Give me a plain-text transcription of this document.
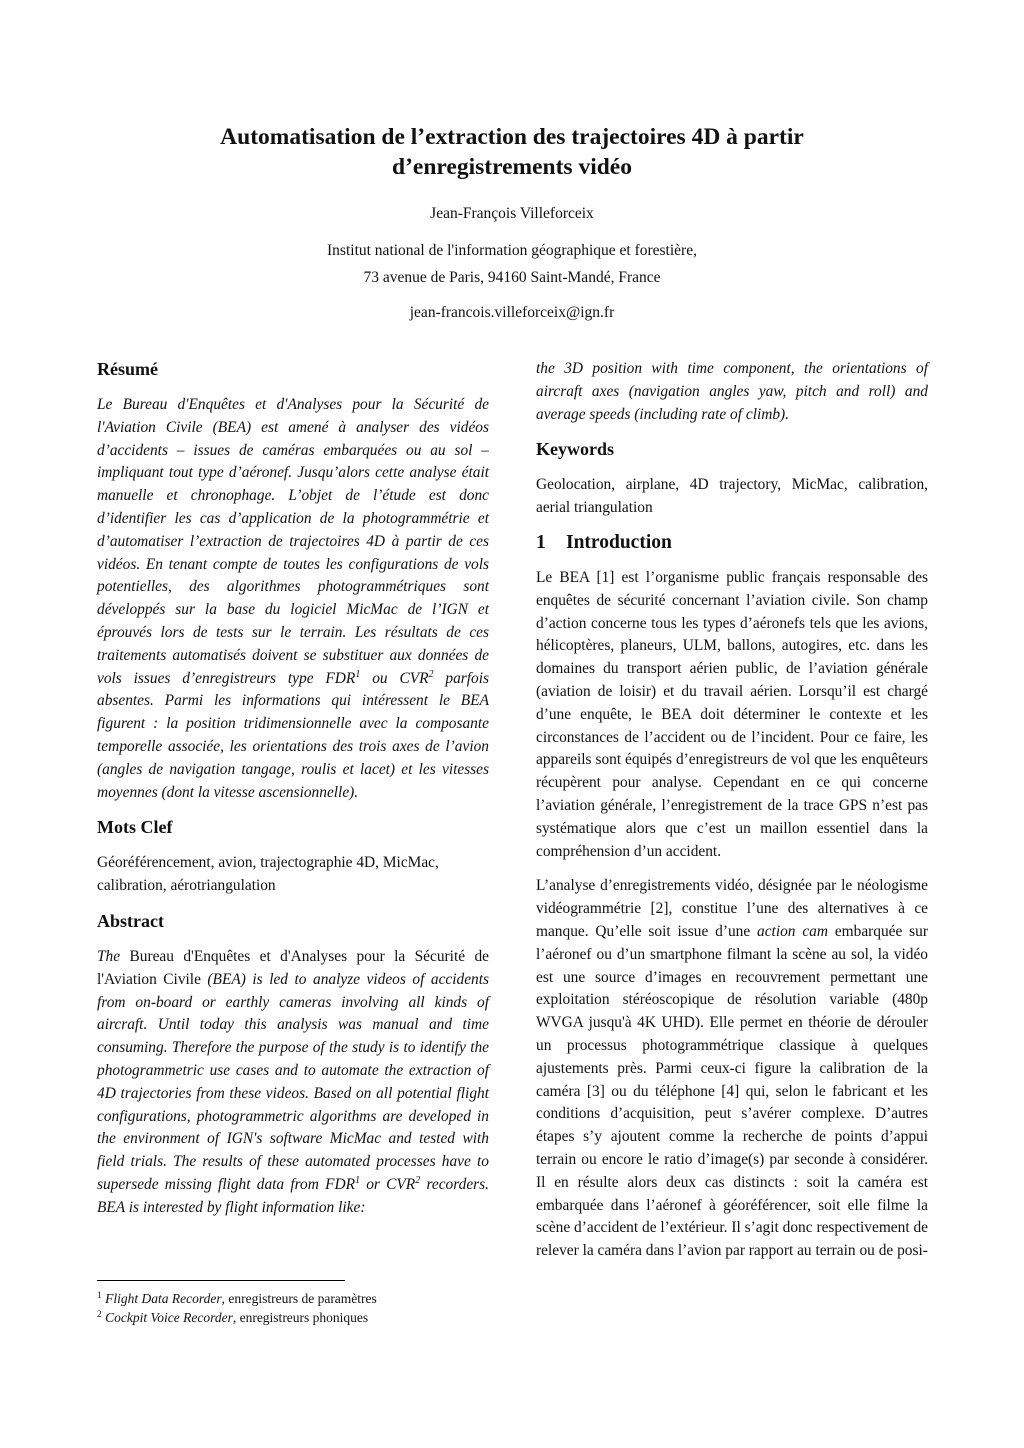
Automatisation de l’extraction des trajectoires 4D à partir
d’enregistrements vidéo
Jean-François Villeforceix
Institut national de l'information géographique et forestière,
73 avenue de Paris, 94160 Saint-Mandé, France
jean-francois.villeforceix@ign.fr
Résumé

Le Bureau d'Enquêtes et d'Analyses pour la Sécurité de l'Aviation Civile (BEA) est amené à analyser des vidéos d’accidents – issues de caméras embarquées ou au sol – impliquant tout type d’aéronef. Jusqu’alors cette analyse était manuelle et chronophage. L’objet de l’étude est donc d’identifier les cas d’application de la photogrammétrie et d’automatiser l’extraction de trajectoires 4D à partir de ces vidéos. En tenant compte de toutes les configurations de vols potentielles, des algorithmes photogrammétriques sont développés sur la base du logiciel MicMac de l’IGN et éprouvés lors de tests sur le terrain. Les résultats de ces traitements automatisés doivent se substituer aux données de vols issues d’enregistreurs type FDR$^1$ ou CVR$^2$ parfois absentes. Parmi les informations qui intéressent le BEA figurent : la position tridimensionnelle avec la composante temporelle associée, les orientations des trois axes de l’avion (angles de navigation tangage, roulis et lacet) et les vitesses moyennes (dont la vitesse ascensionnelle).

Mots Clef

Géoréférencement, avion, trajectographie 4D, MicMac, calibration, aérotriangulation

Abstract

The Bureau d'Enquêtes et d'Analyses pour la Sécurité de l'Aviation Civile (BEA) is led to analyze videos of accidents from on-board or earthly cameras involving all kinds of aircraft. Until today this analysis was manual and time consuming. Therefore the purpose of the study is to identify the photogrammetric use cases and to automate the extraction of 4D trajectories from these videos. Based on all potential flight configurations, photogrammetric algorithms are developed in the environment of IGN's software MicMac and tested with field trials. The results of these automated processes have to supersede missing flight data from FDR$^1$ or CVR$^2$ recorders. BEA is interested by flight information like:

the 3D position with time component, the orientations of aircraft axes (navigation angles yaw, pitch and roll) and average speeds (including rate of climb).

Keywords

Geolocation, airplane, 4D trajectory, MicMac, calibration, aerial triangulation

1 Introduction

Le BEA [1] est l’organisme public français responsable des enquêtes de sécurité concernant l’aviation civile. Son champ d’action concerne tous les types d’aéronefs tels que les avions, hélicoptères, planeurs, ULM, ballons, autogires, etc. dans les domaines du transport aérien public, de l’aviation générale (aviation de loisir) et du travail aérien. Lorsqu’il est chargé d’une enquête, le BEA doit déterminer le contexte et les circonstances de l’accident ou de l’incident. Pour ce faire, les appareils sont équipés d’enregistreurs de vol que les enquêteurs récupèrent pour analyse. Cependant en ce qui concerne l’aviation générale, l’enregistrement de la trace GPS n’est pas systématique alors que c’est un maillon essentiel dans la compréhension d’un accident.

L’analyse d’enregistrements vidéo, désignée par le néologisme vidéogrammétrie [2], constitue l’une des alternatives à ce manque. Qu’elle soit issue d’une action cam embarquée sur l’aéronef ou d’un smartphone filmant la scène au sol, la vidéo est une source d’images en recouvrement permettant une exploitation stéréoscopique de résolution variable (480p WVGA jusqu'à 4K UHD). Elle permet en théorie de dérouler un processus photogrammétrique classique à quelques ajustements près. Parmi ceux-ci figure la calibration de la caméra [3] ou du téléphone [4] qui, selon le fabricant et les conditions d’acquisition, peut s’avérer complexe. D’autres étapes s’y ajoutent comme la recherche de points d’appui terrain ou encore le ratio d’image(s) par seconde à considérer. Il en résulte alors deux cas distincts : soit la caméra est embarquée dans l’aéronef à géoréférencer, soit elle filme la scène d’accident de l’extérieur. Il s’agit donc respectivement de relever la caméra dans l’avion par rapport au terrain ou de posi-

$^1$ Flight Data Recorder, enregistreurs de paramètres
$^2$ Cockpit Voice Recorder, enregistreurs phoniques
